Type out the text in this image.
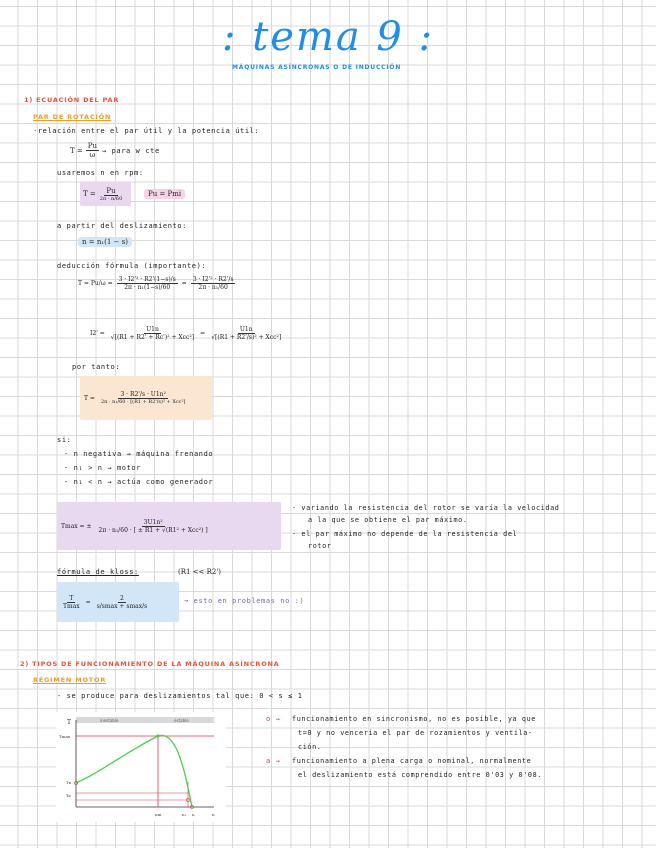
: tema 9 :
MÁQUINAS ASÍNCRONAS O DE INDUCCIÓN
1) ECUACIÓN DEL PAR
PAR DE ROTACIÓN
·relación entre el par útil y la potencia útil:
$T = \frac{Pu}{\omega}$ → para w cte
usaremos n en rpm:
$T = \frac{Pu}{2\pi \cdot n/60}$	Pu = Pmi
a partir del deslizamiento:
n = n₁(1 − s)
deducción fórmula (importante):
$T = Pu/\omega = \frac{\text{3 · I2'² · R2'(1−s)/s}}{\text{2π · n₁(1−s)/60}} = \frac{\text{3 · I2'² · R2'/s}}{\text{2π · n₁/60}}$
$I2' = \frac{U1n}{\text{√[(R1 + R2' + Rc')² + Xcc²]}} = \frac{U1n}{\text{√[(R1 + R2'/s)² + Xcc²]}}$
por tanto:
$T = \frac{\text{3 · R2'/s · U1n²}}{\text{2π · n₁/60 · [(R1 + R2'/s)² + Xcc²]}}$
si:
- n negativa → máquina frenando
- n₁ > n → motor
- n₁ < n → actúa como generador
Tmax = ± $\frac{\text{3U1n²}}{\text{2π · n₁/60 · [ ± R1 + √(R1² + Xcc²) ]}}$
- variando la resistencia del rotor se varía la velocidad
a la que se obtiene el par máximo.
- el par máximo no depende de la resistencia del
rotor
fórmula de kloss:	(R1 << R2')
$\frac{T}{Tmax} = \frac{2}{s/smax + smax/s}$	↝ esto en problemas no :)
2) TIPOS DE FUNCIONAMIENTO DE LA MÁQUINA ASÍNCRONA
RÉGIMEN MOTOR
- se produce para deslizamientos tal que: 0 < s ≤ 1
inestable	estable
T
Tmax
Tn
Ta
n
nm	n₁ n
o → funcionamiento en sincronismo, no es posible, ya que
t=0 y no vencería el par de rozamientos y ventila-
ción.
a → funcionamiento a plena carga o nominal, normalmente
el deslizamiento está comprendido entre 0'03 y 0'08.
